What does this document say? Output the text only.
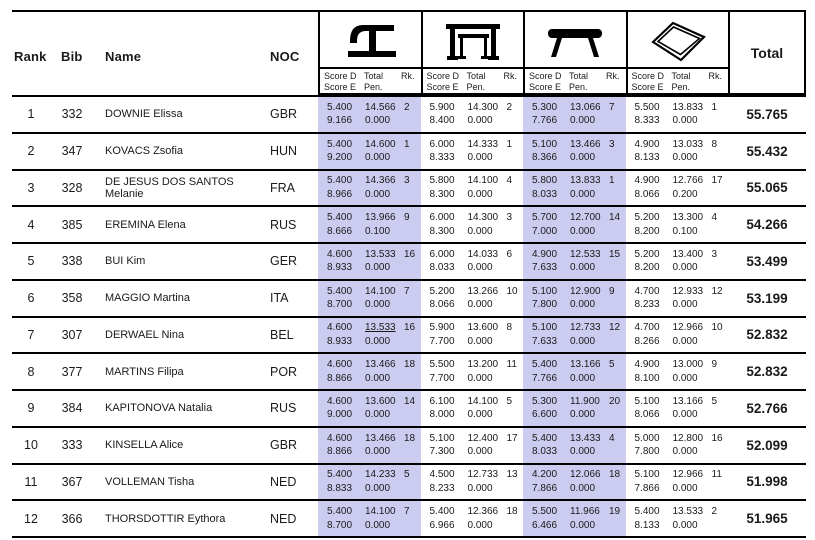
Rank Bib Name	NOC
Score D Total	Rk.
Score E Pen.
Score D Total	Rk.
Score E Pen.
Score D Total	Rk.
Score E Pen.
Score D Total	Rk.
Score E Pen.
Total
1	332	DOWNIE Elissa	GBR	5.400	14.566 2
9.166	0.000
5.900	14.300 2
8.400	0.000
5.300	13.066 7
7.766	0.000
5.500	13.833 1
8.333	0.000	55.765
2	347	KOVACS Zsofia	HUN	5.400	14.600 1
9.200	0.000
6.000	14.333 1
8.333	0.000
5.100	13.466 3
8.366	0.000
4.900	13.033 8
8.133	0.000	55.432
3	328	DE JESUS DOS SANTOS Melanie	FRA	5.400	14.366 3
8.966	0.000
5.800	14.100 4
8.300	0.000
5.800	13.833 1
8.033	0.000
4.900	12.766 17
8.066	0.200	55.065
4	385	EREMINA Elena	RUS	5.400	13.966 9
8.666	0.100
6.000	14.300 3
8.300	0.000
5.700	12.700 14
7.000	0.000
5.200	13.300 4
8.200	0.100	54.266
5	338	BUI Kim	GER	4.600	13.533 16
8.933	0.000
6.000	14.033 6
8.033	0.000
4.900	12.533 15
7.633	0.000
5.200	13.400 3
8.200	0.000	53.499
6	358	MAGGIO Martina	ITA	5.400	14.100 7
8.700	0.000
5.200	13.266 10
8.066	0.000
5.100	12.900 9
7.800	0.000
4.700	12.933 12
8.233	0.000	53.199
7	307	DERWAEL Nina	BEL	4.600	13.533 16
8.933	0.000
5.900	13.600 8
7.700	0.000
5.100	12.733 12
7.633	0.000
4.700	12.966 10
8.266	0.000	52.832
8	377	MARTINS Filipa	POR	4.600	13.466 18
8.866	0.000
5.500	13.200 11
7.700	0.000
5.400	13.166 5
7.766	0.000
4.900	13.000 9
8.100	0.000	52.832
9	384	KAPITONOVA Natalia	RUS	4.600	13.600 14
9.000	0.000
6.100	14.100 5
8.000	0.000
5.300	11.900 20
6.600	0.000
5.100	13.166 5
8.066	0.000	52.766
10	333	KINSELLA Alice	GBR	4.600	13.466 18
8.866	0.000
5.100	12.400 17
7.300	0.000
5.400	13.433 4
8.033	0.000
5.000	12.800 16
7.800	0.000	52.099
11	367	VOLLEMAN Tisha	NED	5.400	14.233 5
8.833	0.000
4.500	12.733 13
8.233	0.000
4.200	12.066 18
7.866	0.000
5.100	12.966 11
7.866	0.000	51.998
12	366	THORSDOTTIR Eythora	NED	5.400	14.100 7
8.700	0.000
5.400	12.366 18
6.966	0.000
5.500	11.966 19
6.466	0.000
5.400	13.533 2
8.133	0.000	51.965
